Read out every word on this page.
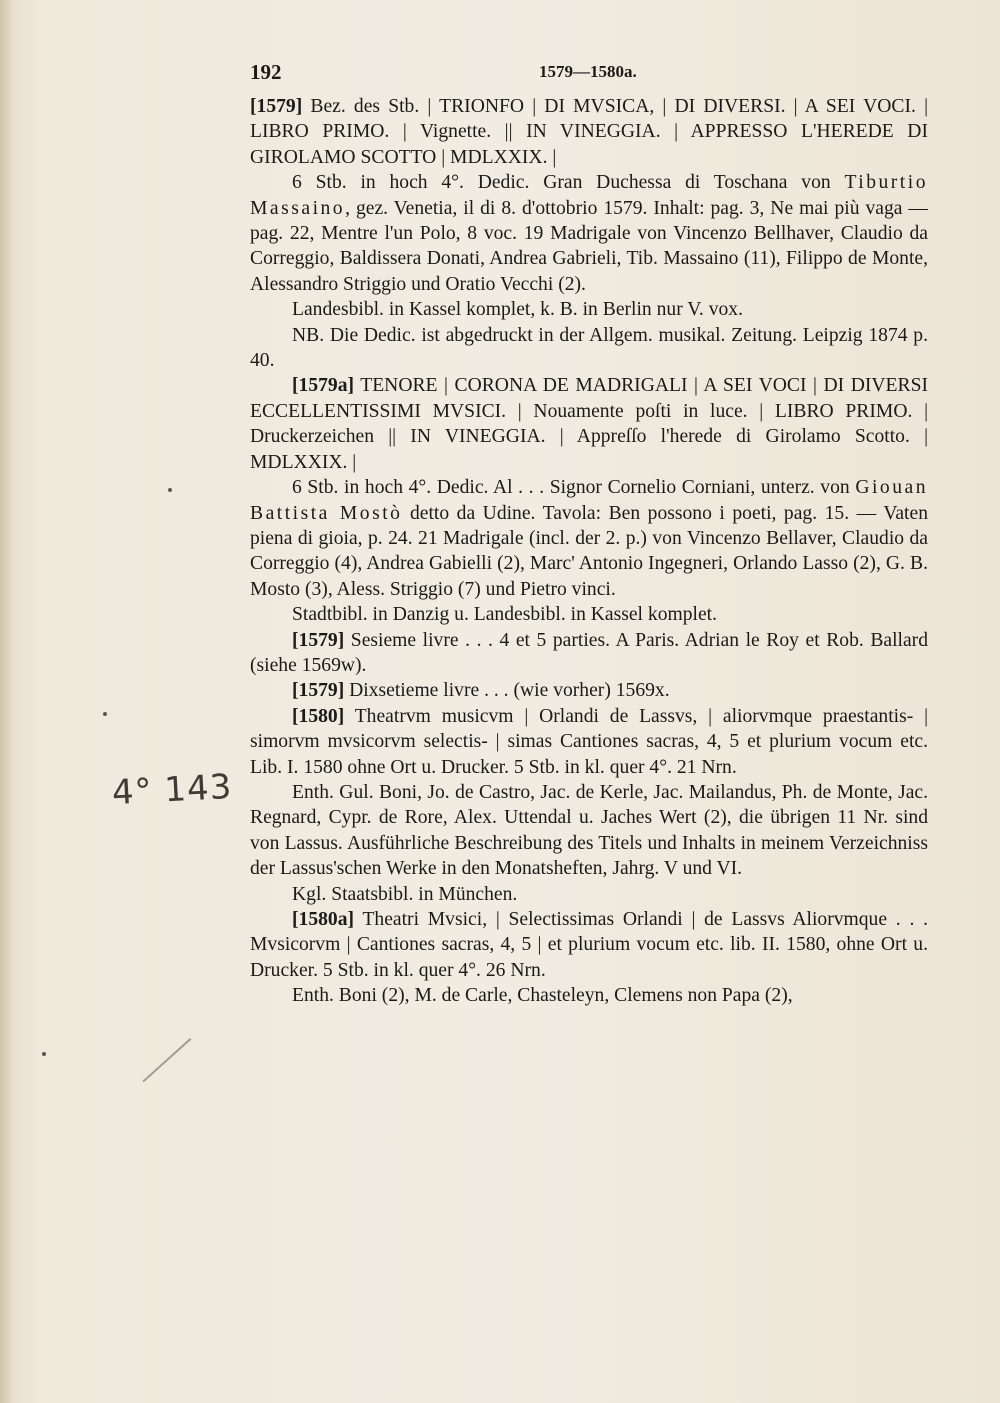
192	1579—1580a.
4° 143

[1579] Bez. des Stb. | TRIONFO | DI MVSICA, | DI DIVERSI. | A SEI VOCI. | LIBRO PRIMO. | Vignette. || IN VINEGGIA. | APPRESSO L'HEREDE DI GIROLAMO SCOTTO | MDLXXIX. |

6 Stb. in hoch 4°. Dedic. Gran Duchessa di Toschana von Tiburtio Massaino, gez. Venetia, il di 8. d'ottobrio 1579. Inhalt: pag. 3, Ne mai più vaga — pag. 22, Mentre l'un Polo, 8 voc. 19 Madrigale von Vincenzo Bellhaver, Claudio da Correggio, Baldissera Donati, Andrea Gabrieli, Tib. Massaino (11), Filippo de Monte, Alessandro Striggio und Oratio Vecchi (2).

Landesbibl. in Kassel komplet, k. B. in Berlin nur V. vox.

NB. Die Dedic. ist abgedruckt in der Allgem. musikal. Zeitung. Leipzig 1874 p. 40.

[1579a] TENORE | CORONA DE MADRIGALI | A SEI VOCI | DI DIVERSI ECCELLENTISSIMI MVSICI. | Nouamente poſti in luce. | LIBRO PRIMO. | Druckerzeichen || IN VINEGGIA. | Appreſſo l'herede di Girolamo Scotto. | MDLXXIX. |

6 Stb. in hoch 4°. Dedic. Al . . . Signor Cornelio Corniani, unterz. von Giouan Battista Mostò detto da Udine. Tavola: Ben possono i poeti, pag. 15. — Vaten piena di gioia, p. 24. 21 Madrigale (incl. der 2. p.) von Vincenzo Bellaver, Claudio da Correggio (4), Andrea Gabielli (2), Marc' Antonio Ingegneri, Orlando Lasso (2), G. B. Mosto (3), Aless. Striggio (7) und Pietro vinci.

Stadtbibl. in Danzig u. Landesbibl. in Kassel komplet.

[1579] Sesieme livre . . . 4 et 5 parties. A Paris. Adrian le Roy et Rob. Ballard (siehe 1569w).

[1579] Dixsetieme livre . . . (wie vorher) 1569x.

[1580] Theatrvm musicvm | Orlandi de Lassvs, | aliorvmque praestantis- | simorvm mvsicorvm selectis- | simas Cantiones sacras, 4, 5 et plurium vocum etc. Lib. I. 1580 ohne Ort u. Drucker. 5 Stb. in kl. quer 4°. 21 Nrn.

Enth. Gul. Boni, Jo. de Castro, Jac. de Kerle, Jac. Mailandus, Ph. de Monte, Jac. Regnard, Cypr. de Rore, Alex. Uttendal u. Jaches Wert (2), die übrigen 11 Nr. sind von Lassus. Ausführliche Beschreibung des Titels und Inhalts in meinem Verzeichniss der Lassus'schen Werke in den Monatsheften, Jahrg. V und VI.

Kgl. Staatsbibl. in München.

[1580a] Theatri Mvsici, | Selectissimas Orlandi | de Lassvs Aliorvmque . . . Mvsicorvm | Cantiones sacras, 4, 5 | et plurium vocum etc. lib. II. 1580, ohne Ort u. Drucker. 5 Stb. in kl. quer 4°. 26 Nrn.

Enth. Boni (2), M. de Carle, Chasteleyn, Clemens non Papa (2),
